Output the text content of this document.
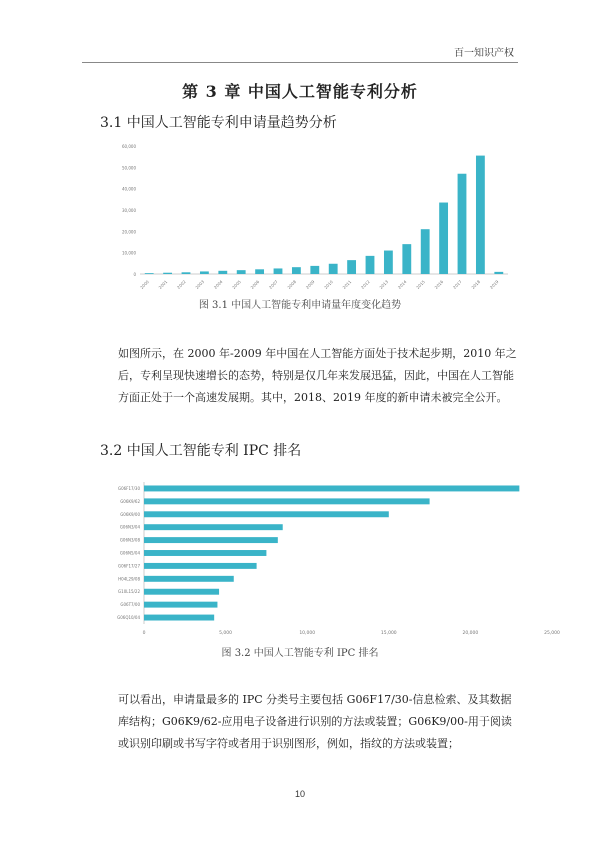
百一知识产权
第 3 章 中国人工智能专利分析
3.1 中国人工智能专利申请量趋势分析
0
10,000
20,000
30,000
40,000
50,000
60,000
2000 2001 2002 2003 2004 2005 2006 2007 2008 2009 2010 2011 2012 2013 2014 2015 2016 2017 2018 2019
图 3.1 中国人工智能专利申请量年度变化趋势
如图所示，在 2000 年-2009 年中国在人工智能方面处于技术起步期，2010 年之后，专利呈现快速增长的态势，特别是仅几年来发展迅猛，因此，中国在人工智能方面正处于一个高速发展期。其中，2018、2019 年度的新申请未被完全公开。
3.2 中国人工智能专利 IPC 排名
0	5,000	10,000	15,000	20,000	25,000
G06F17/30
G06K9/62
G06K9/00
G06N3/04
G06N3/08
G06N5/04
G06F17/27
H04L29/08
G10L15/22
G06T7/00
G06Q10/04
图 3.2 中国人工智能专利 IPC 排名
可以看出，申请量最多的 IPC 分类号主要包括 G06F17/30-信息检索、及其数据库结构；G06K9/62-应用电子设备进行识别的方法或装置；G06K9/00-用于阅读或识别印刷或书写字符或者用于识别图形，例如，指纹的方法或装置；
10
